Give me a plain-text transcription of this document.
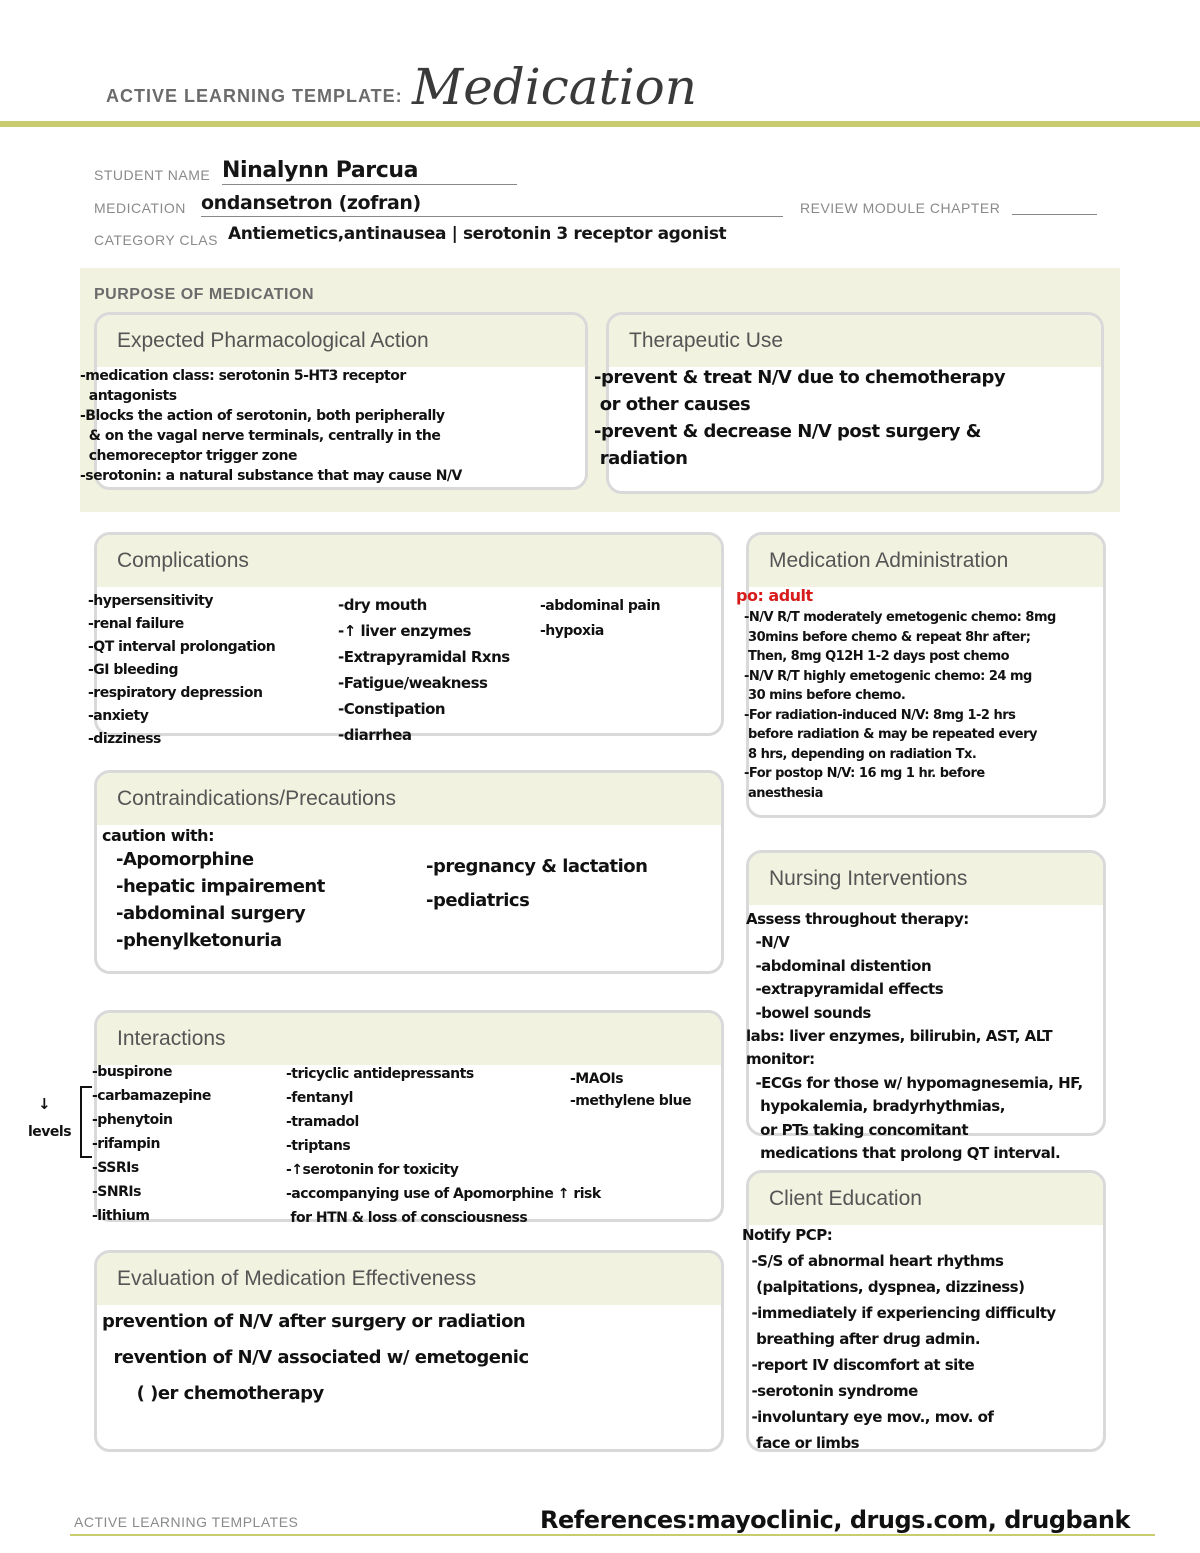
ACTIVE LEARNING TEMPLATE: Medication
STUDENT NAME Ninalynn Parcua
MEDICATION ondansetron (zofran)	REVIEW MODULE CHAPTER
CATEGORY CLAS Antiemetics,antinausea | serotonin 3 receptor agonist
PURPOSE OF MEDICATION
Expected Pharmacological Action
-medication class: serotonin 5-HT3 receptor
antagonists
-Blocks the action of serotonin, both peripherally
& on the vagal nerve terminals, centrally in the
chemoreceptor trigger zone
-serotonin: a natural substance that may cause N/V
Therapeutic Use
-prevent & treat N/V due to chemotherapy
or other causes
-prevent & decrease N/V post surgery &
radiation
Complications
-hypersensitivity
-renal failure
-QT interval prolongation
-GI bleeding
-respiratory depression
-anxiety
-dizziness
-dry mouth
-↑ liver enzymes
-Extrapyramidal Rxns
-Fatigue/weakness
-Constipation
-diarrhea
-abdominal pain
-hypoxia
Medication Administration
po: adult
-N/V R/T moderately emetogenic chemo: 8mg
30mins before chemo & repeat 8hr after;
Then, 8mg Q12H 1-2 days post chemo
-N/V R/T highly emetogenic chemo: 24 mg
30 mins before chemo.
-For radiation-induced N/V: 8mg 1-2 hrs
before radiation & may be repeated every
8 hrs, depending on radiation Tx.
-For postop N/V: 16 mg 1 hr. before
anesthesia
Contraindications/Precautions
caution with:
-Apomorphine
-hepatic impairement
-abdominal surgery
-phenylketonuria
-pregnancy & lactation
-pediatrics
Nursing Interventions
Assess throughout therapy:
-N/V
-abdominal distention
-extrapyramidal effects
-bowel sounds
labs: liver enzymes, bilirubin, AST, ALT
monitor:
-ECGs for those w/ hypomagnesemia, HF,
hypokalemia, bradyrhythmias,
or PTs taking concomitant
medications that prolong QT interval.
Interactions
↓
levels
-buspirone
-carbamazepine
-phenytoin
-rifampin
-SSRIs
-SNRIs
-lithium
-tricyclic antidepressants
-fentanyl
-tramadol
-triptans
-↑serotonin for toxicity
-accompanying use of Apomorphine ↑ risk
for HTN & loss of consciousness
-MAOIs
-methylene blue
Client Education
Notify PCP:
-S/S of abnormal heart rhythms
(palpitations, dyspnea, dizziness)
-immediately if experiencing difficulty
breathing after drug admin.
-report IV discomfort at site
-serotonin syndrome
-involuntary eye mov., mov. of
face or limbs
Evaluation of Medication Effectiveness
prevention of N/V after surgery or radiation
revention of N/V associated w/ emetogenic
( )er chemotherapy
ACTIVE LEARNING TEMPLATES	References:mayoclinic, drugs.com, drugbank
